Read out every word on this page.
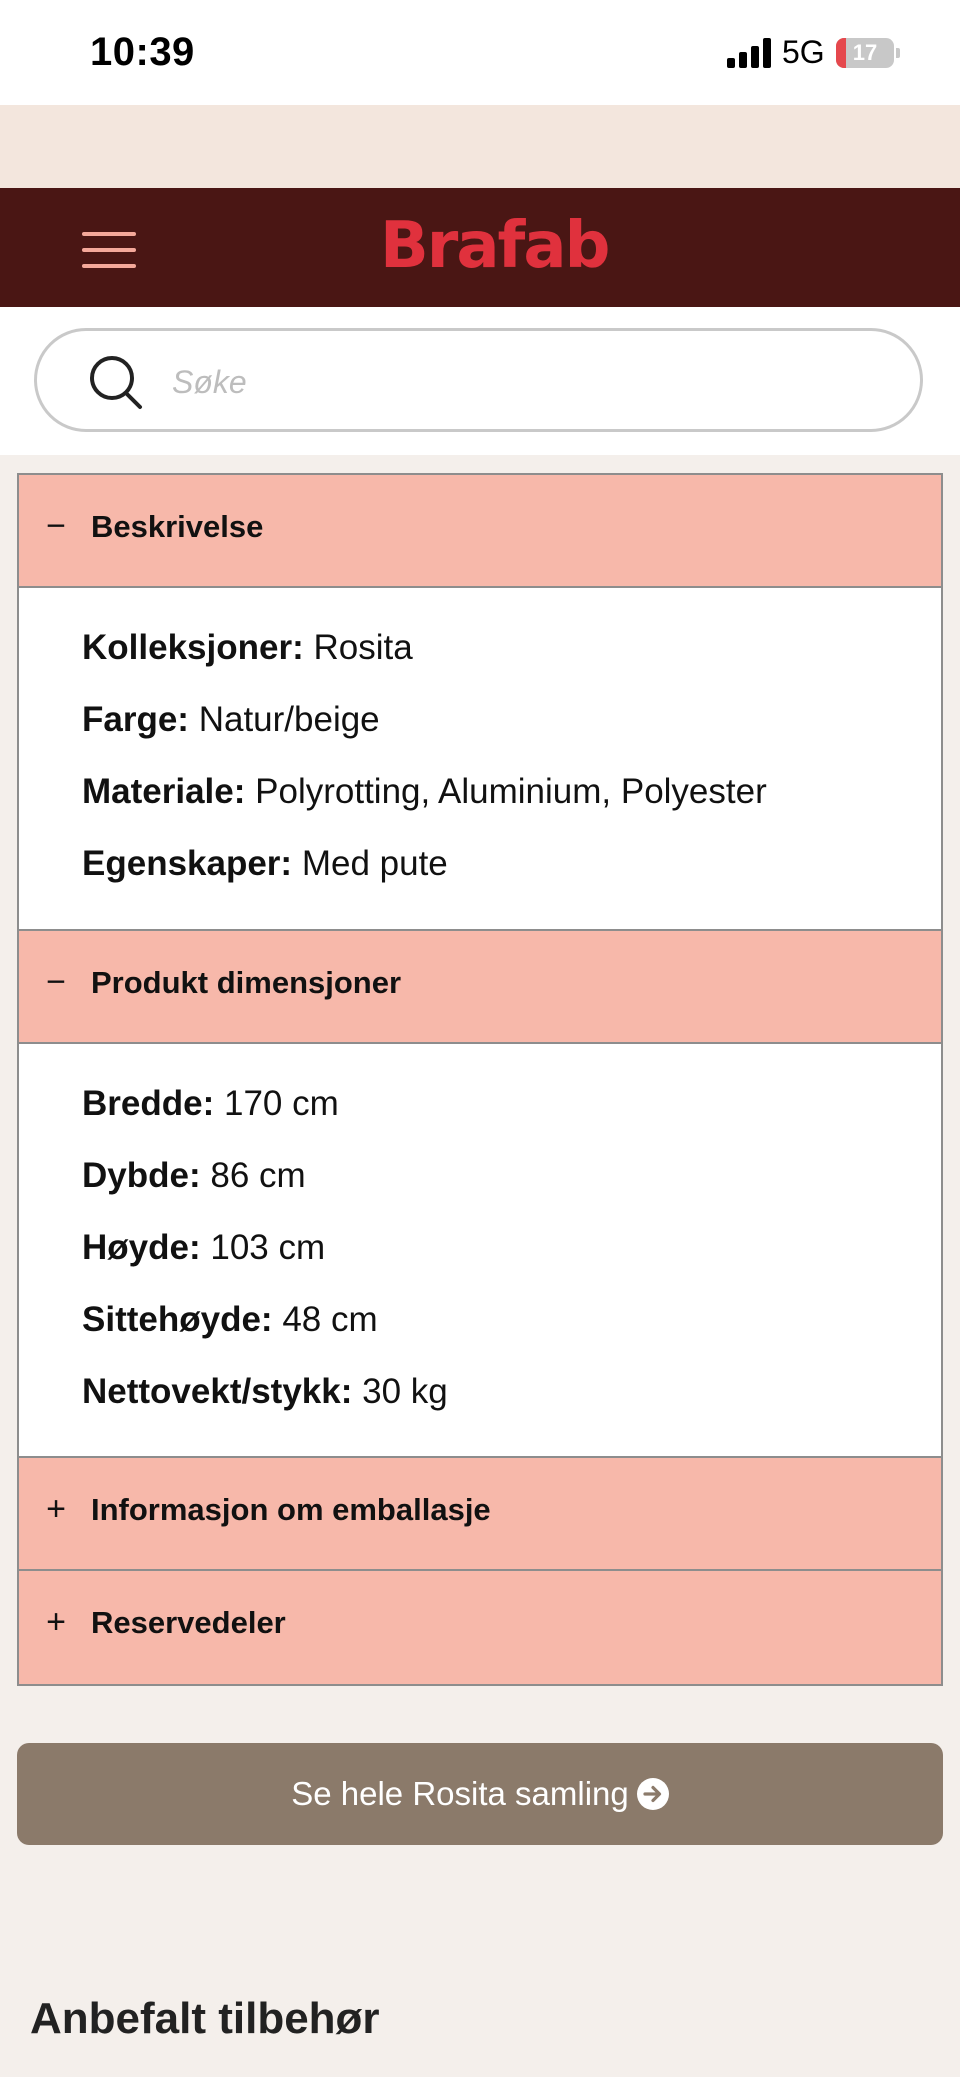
10:39	5G	17
Brafab
Søke
− Beskrivelse
Kolleksjoner: Rosita
Farge: Natur/beige
Materiale: Polyrotting, Aluminium, Polyester
Egenskaper: Med pute
− Produkt dimensjoner
Bredde: 170 cm
Dybde: 86 cm
Høyde: 103 cm
Sittehøyde: 48 cm
Nettovekt/stykk: 30 kg
+ Informasjon om emballasje
+ Reservedeler
Se hele Rosita samling
Anbefalt tilbehør
